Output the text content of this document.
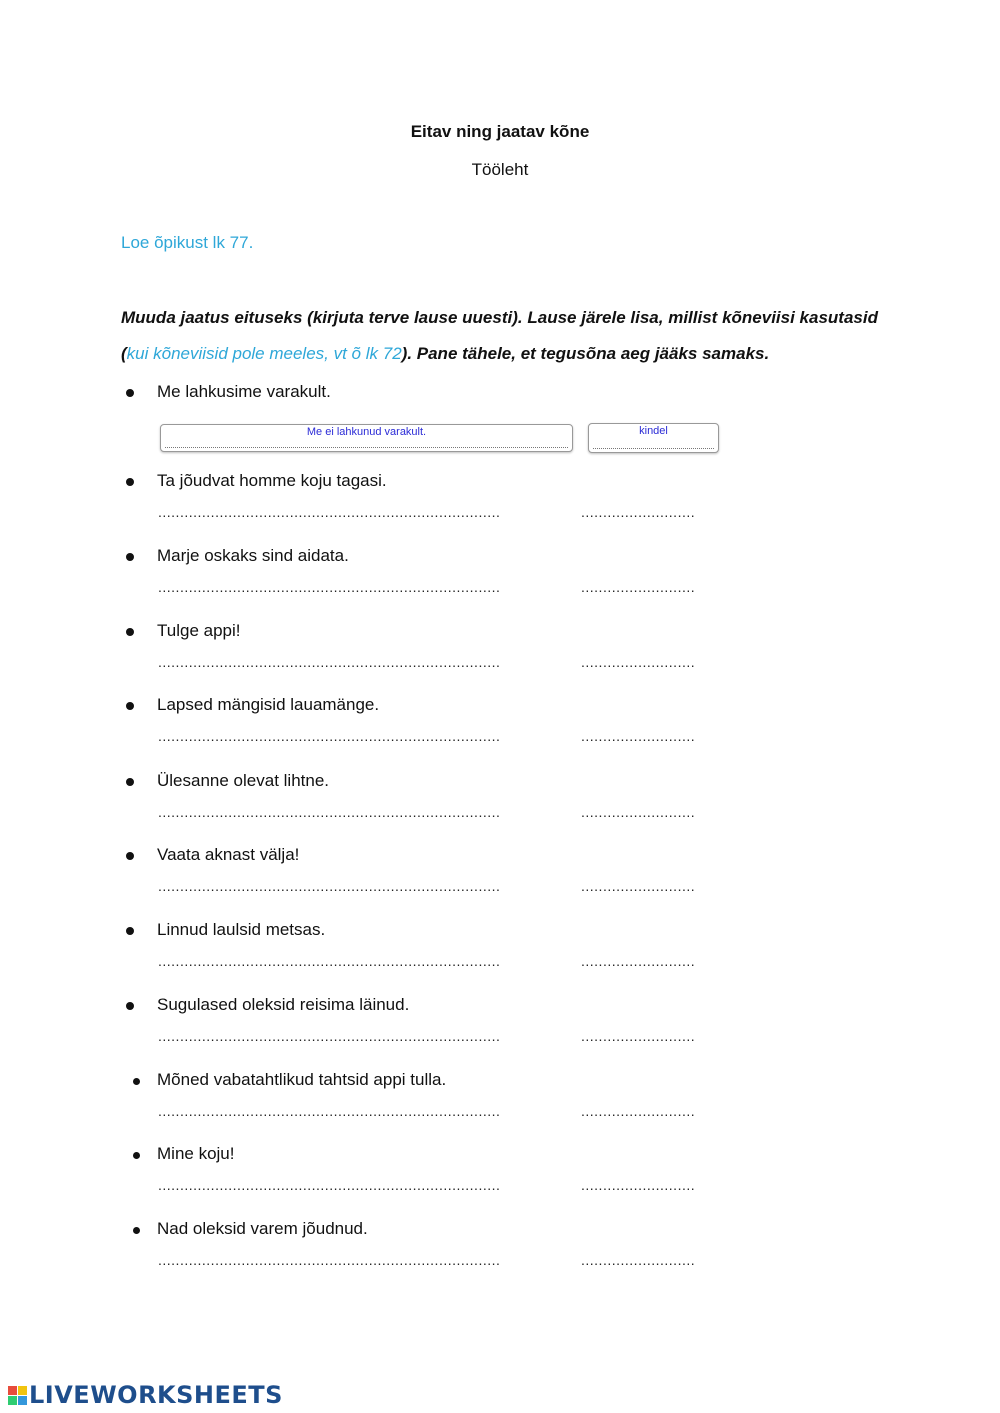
Eitav ning jaatav kõne
Tööleht
Loe õpikust lk 77.
Muuda jaatus eituseks (kirjuta terve lause uuesti). Lause järele lisa, millist kõneviisi kasutasid (kui kõneviisid pole meeles, vt õ lk 72). Pane tähele, et tegusõna aeg jääks samaks.
Me lahkusime varakult.
Me ei lahkunud varakult.	kindel
Ta jõudvat homme koju tagasi.
..............................................................................	..........................
Marje oskaks sind aidata.
..............................................................................	..........................
Tulge appi!
..............................................................................	..........................
Lapsed mängisid lauamänge.
..............................................................................	..........................
Ülesanne olevat lihtne.
..............................................................................	..........................
Vaata aknast välja!
..............................................................................	..........................
Linnud laulsid metsas.
..............................................................................	..........................
Sugulased oleksid reisima läinud.
..............................................................................	..........................
Mõned vabatahtlikud tahtsid appi tulla.
..............................................................................	..........................
Mine koju!
..............................................................................	..........................
Nad oleksid varem jõudnud.
..............................................................................	..........................
LIVEWORKSHEETS
